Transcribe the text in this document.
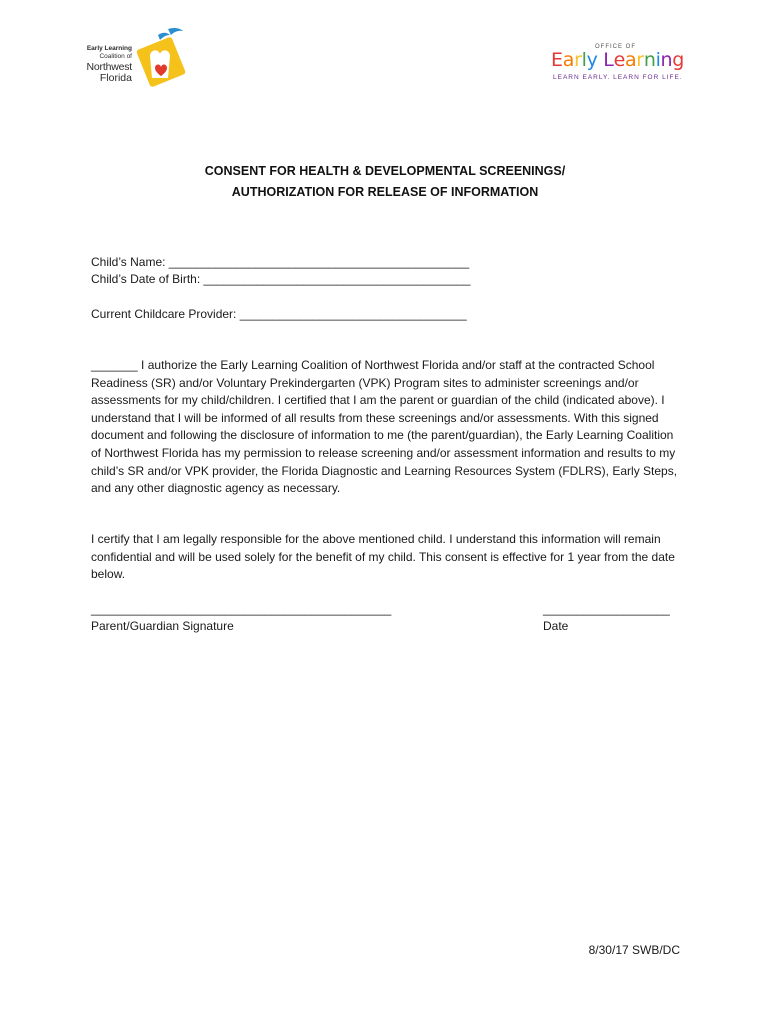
Early Learning
Coalition of
Northwest
Florida
OFFICE OF
Early Learning
LEARN EARLY. LEARN FOR LIFE.
CONSENT FOR HEALTH & DEVELOPMENTAL SCREENINGS/
AUTHORIZATION FOR RELEASE OF INFORMATION
Child’s Name: _____________________________________________
Child’s Date of Birth: ________________________________________
Current Childcare Provider: __________________________________

_______ I authorize the Early Learning Coalition of Northwest Florida and/or staff at the contracted School Readiness (SR) and/or Voluntary Prekindergarten (VPK) Program sites to administer screenings and/or assessments for my child/children. I certified that I am the parent or guardian of the child (indicated above). I understand that I will be informed of all results from these screenings and/or assessments. With this signed document and following the disclosure of information to me (the parent/guardian), the Early Learning Coalition of Northwest Florida has my permission to release screening and/or assessment information and results to my child’s SR and/or VPK provider, the Florida Diagnostic and Learning Resources System (FDLRS), Early Steps, and any other diagnostic agency as necessary.

I certify that I am legally responsible for the above mentioned child. I understand this information will remain confidential and will be used solely for the benefit of my child. This consent is effective for 1 year from the date below.

_____________________________________________
Parent/Guardian Signature
___________________
Date
8/30/17 SWB/DC
